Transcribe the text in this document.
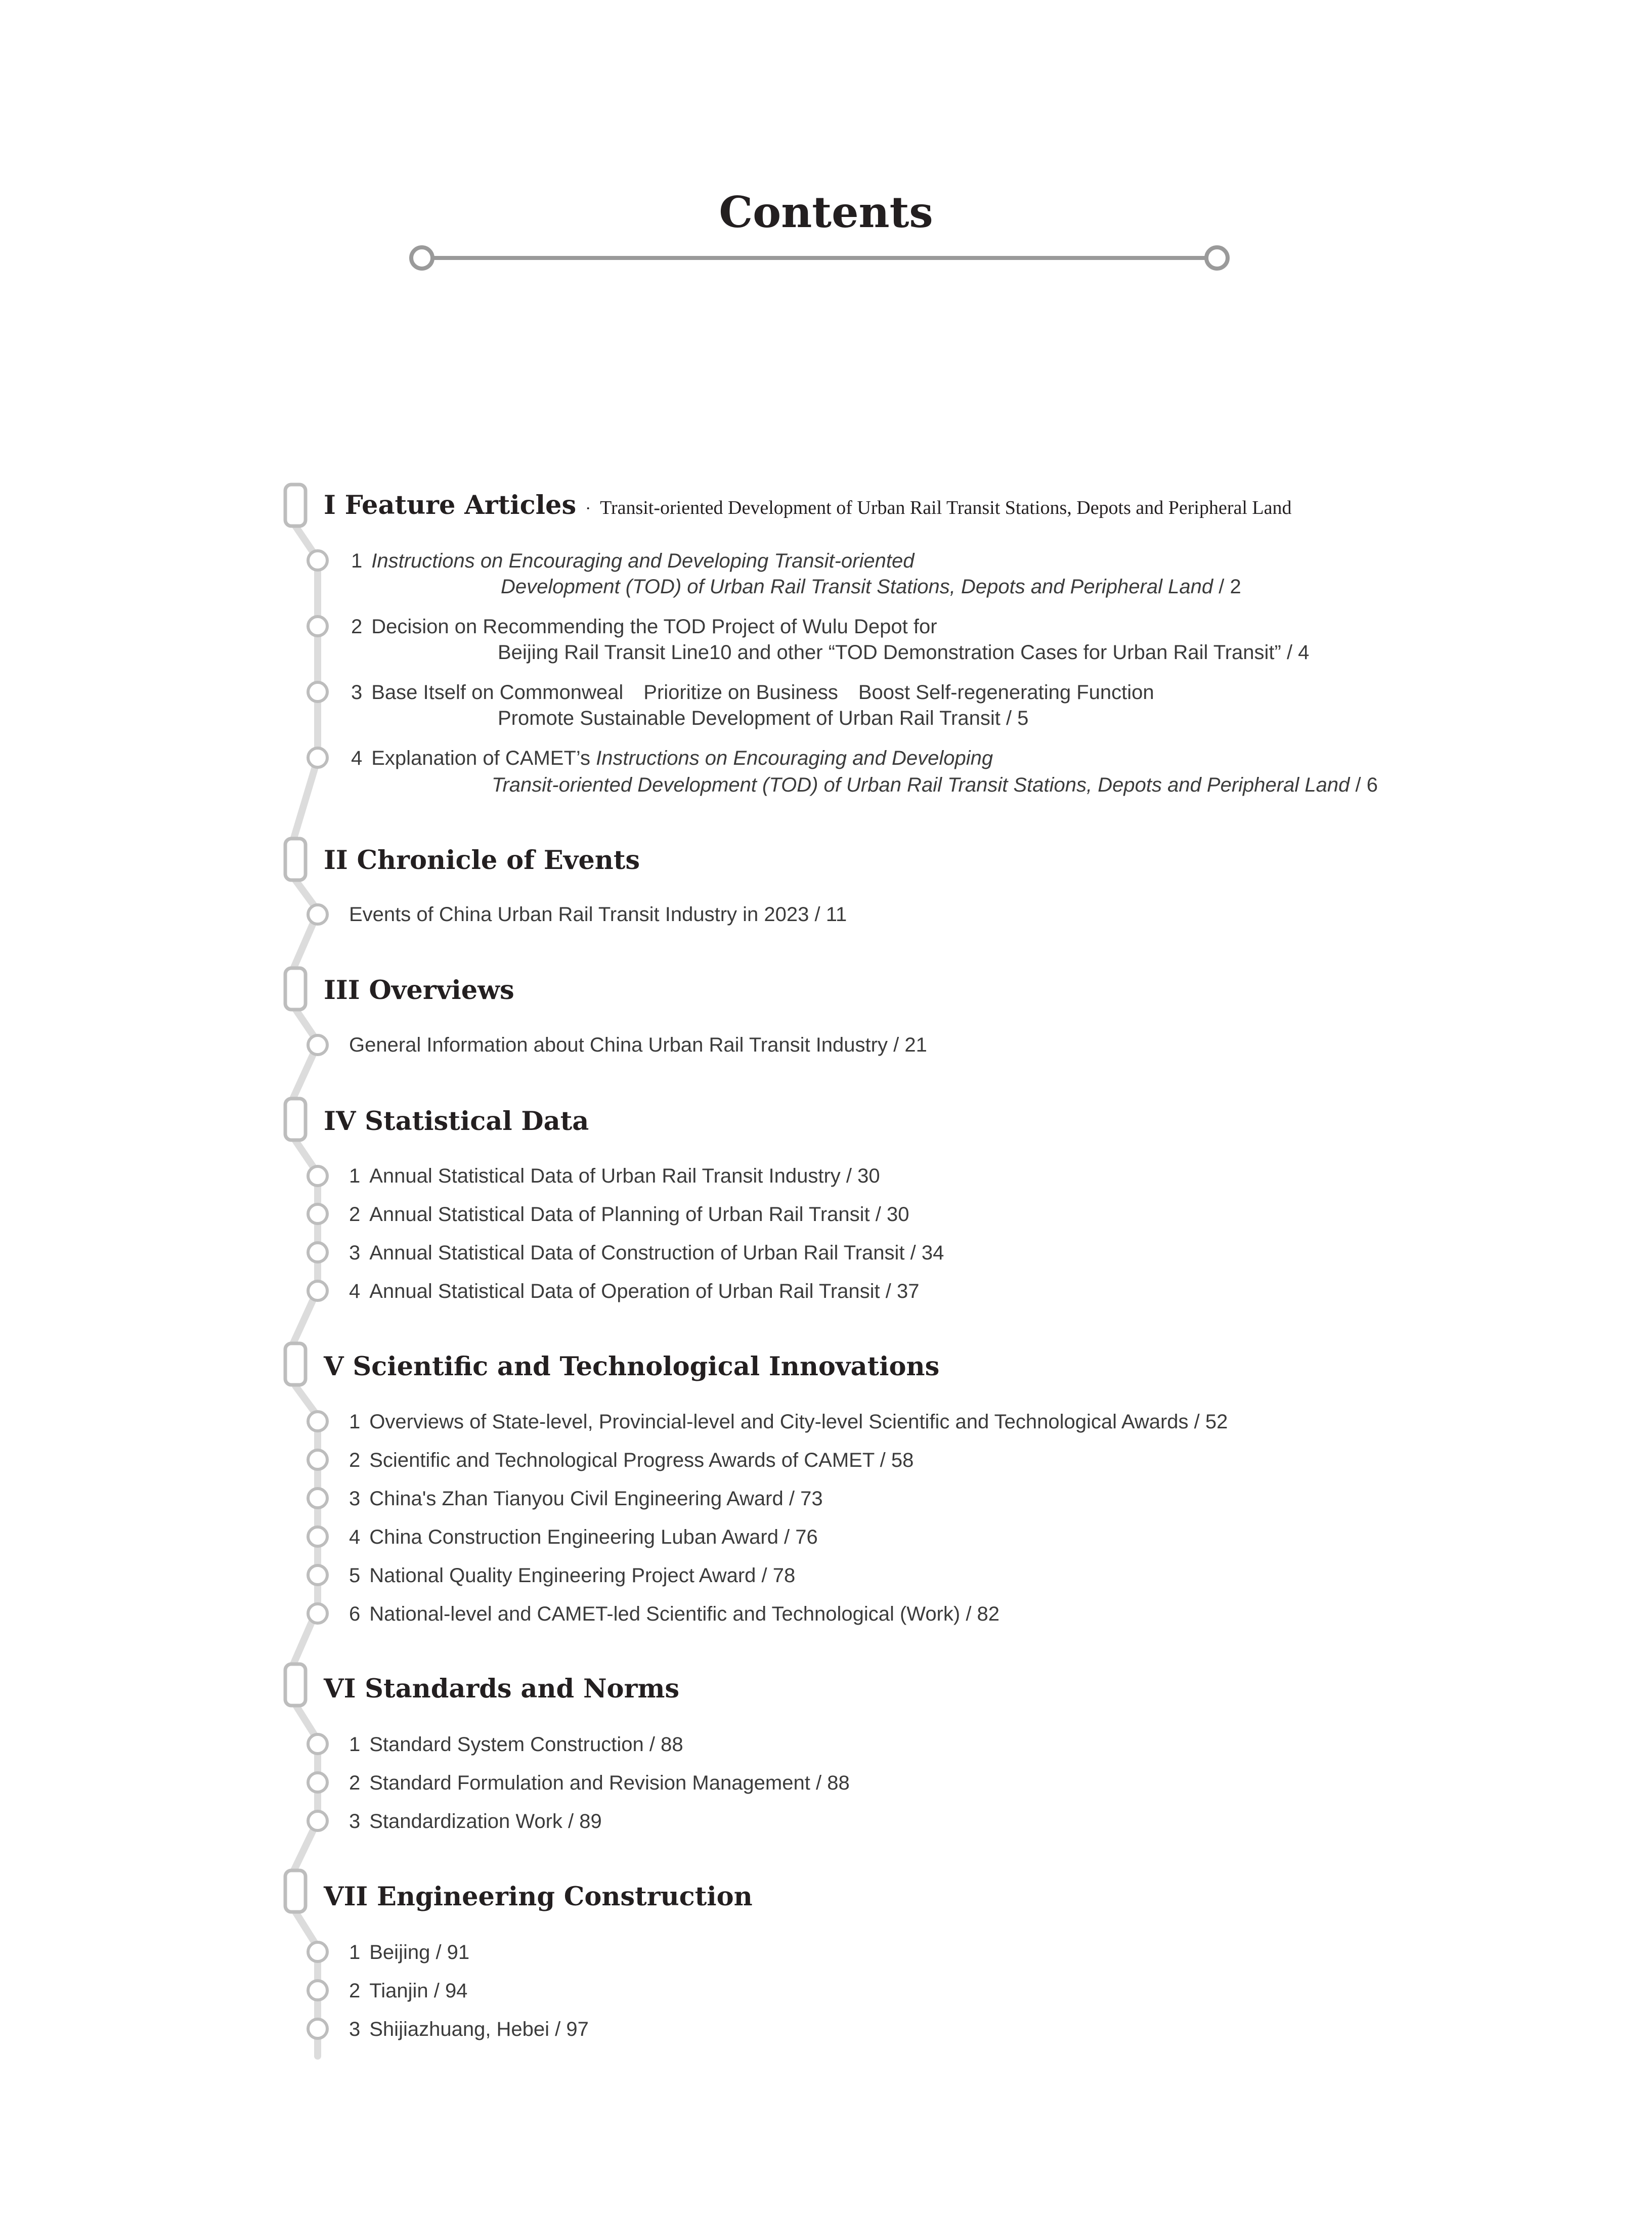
Contents
I Feature Articles · Transit-oriented Development of Urban Rail Transit Stations, Depots and Peripheral Land
1 Instructions on Encouraging and Developing Transit-oriented
Development (TOD) of Urban Rail Transit Stations, Depots and Peripheral Land / 2
2 Decision on Recommending the TOD Project of Wulu Depot for
Beijing Rail Transit Line10 and other “TOD Demonstration Cases for Urban Rail Transit” / 4
3 Base Itself on Commonweal Prioritize on Business Boost Self-regenerating Function
Promote Sustainable Development of Urban Rail Transit / 5
4 Explanation of CAMET’s Instructions on Encouraging and Developing
Transit-oriented Development (TOD) of Urban Rail Transit Stations, Depots and Peripheral Land / 6
II Chronicle of Events
Events of China Urban Rail Transit Industry in 2023 / 11
III Overviews
General Information about China Urban Rail Transit Industry / 21
IV Statistical Data
1 Annual Statistical Data of Urban Rail Transit Industry / 30
2 Annual Statistical Data of Planning of Urban Rail Transit / 30
3 Annual Statistical Data of Construction of Urban Rail Transit / 34
4 Annual Statistical Data of Operation of Urban Rail Transit / 37
V Scientific and Technological Innovations
1 Overviews of State-level, Provincial-level and City-level Scientific and Technological Awards / 52
2 Scientific and Technological Progress Awards of CAMET / 58
3 China's Zhan Tianyou Civil Engineering Award / 73
4 China Construction Engineering Luban Award / 76
5 National Quality Engineering Project Award / 78
6 National-level and CAMET-led Scientific and Technological (Work) / 82
VI Standards and Norms
1 Standard System Construction / 88
2 Standard Formulation and Revision Management / 88
3 Standardization Work / 89
VII Engineering Construction
1 Beijing / 91
2 Tianjin / 94
3 Shijiazhuang, Hebei / 97
